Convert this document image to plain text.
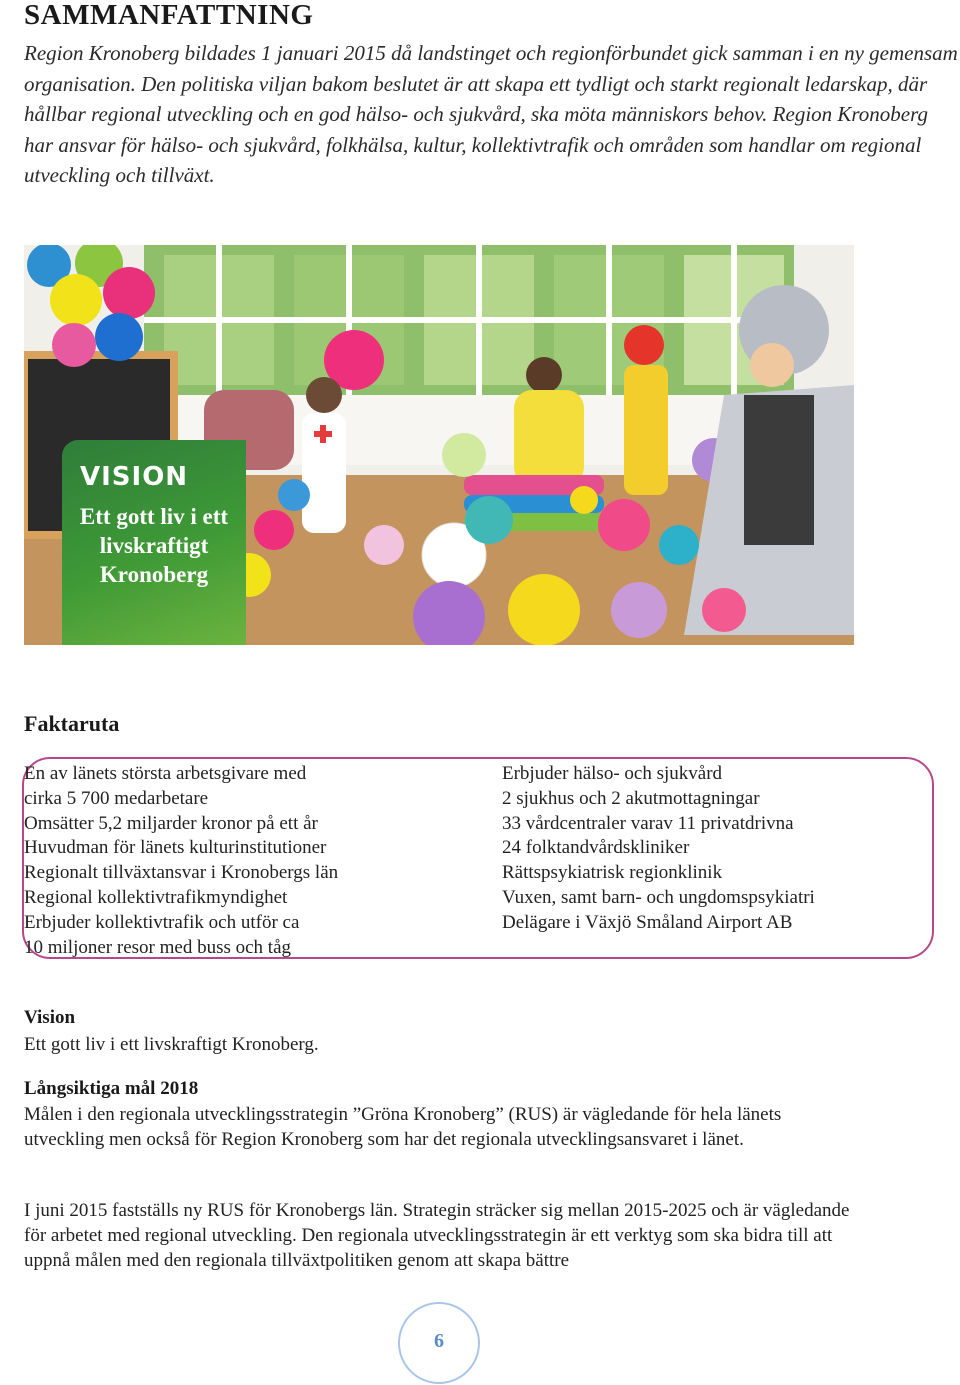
SAMMANFATTNING

Region Kronoberg bildades 1 januari 2015 då landstinget och regionförbundet gick samman i en ny gemensam organisation. Den politiska viljan bakom beslutet är att skapa ett tydligt och starkt regionalt ledarskap, där hållbar regional utveckling och en god hälso- och sjukvård, ska möta människors behov. Region Kronoberg har ansvar för hälso- och sjukvård, folkhälsa, kultur, kollektivtrafik och områden som handlar om regional utveckling och tillväxt.

VISION
Ett gott liv i ett livskraftigt Kronoberg
Faktaruta
En av länets största arbetsgivare med
cirka 5 700 medarbetare
Omsätter 5,2 miljarder kronor på ett år
Huvudman för länets kulturinstitutioner
Regionalt tillväxtansvar i Kronobergs län
Regional kollektivtrafikmyndighet
Erbjuder kollektivtrafik och utför ca
10 miljoner resor med buss och tåg
Erbjuder hälso- och sjukvård
2 sjukhus och 2 akutmottagningar
33 vårdcentraler varav 11 privatdrivna
24 folktandvårdskliniker
Rättspsykiatrisk regionklinik
Vuxen, samt barn- och ungdomspsykiatri
Delägare i Växjö Småland Airport AB
Vision

Ett gott liv i ett livskraftigt Kronoberg.

Långsiktiga mål 2018

Målen i den regionala utvecklingsstrategin ”Gröna Kronoberg” (RUS) är vägledande för hela länets utveckling men också för Region Kronoberg som har det regionala utvecklingsansvaret i länet.

I juni 2015 fastställs ny RUS för Kronobergs län. Strategin sträcker sig mellan 2015-2025 och är vägledande för arbetet med regional utveckling. Den regionala utvecklingsstrategin är ett verktyg som ska bidra till att uppnå målen med den regionala tillväxtpolitiken genom att skapa bättre

6
